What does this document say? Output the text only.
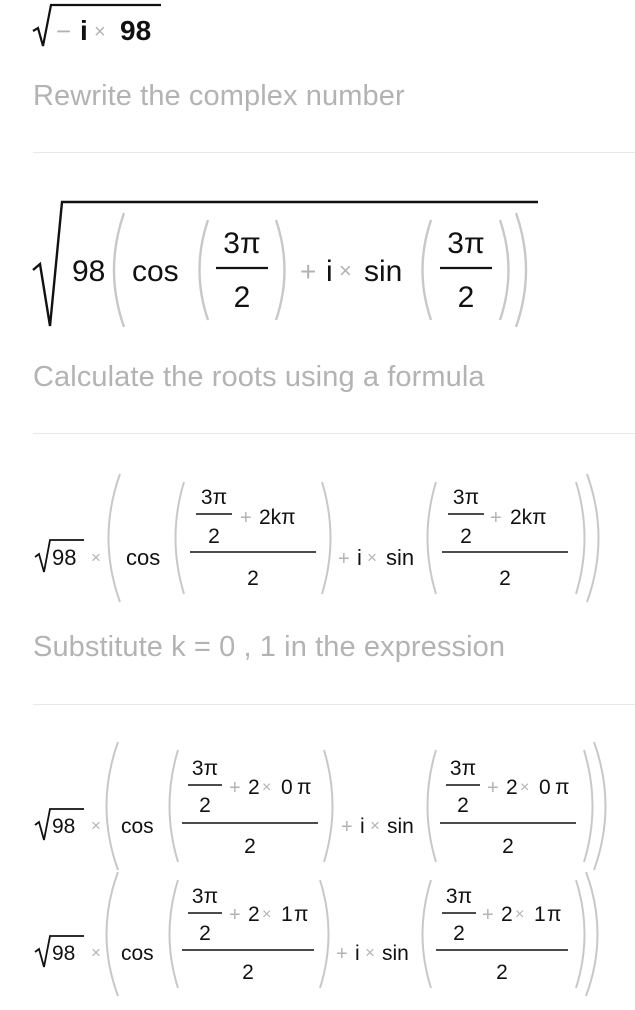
Rewrite the complex number
Calculate the roots using a formula
Substitute k = 0 , 1 in the expression
− i × 98
98 cos
3π
2
+ i × sin
3π
2
98 × cos
3π
2
+ 2kπ
2
+ i × sin
3π
2
+ 2kπ
2
98 × cos
3π
2
+ 2 × 0 π
2
+ i × sin
3π
2
+ 2 × 0 π
2
98 × cos
3π
2
+ 2 × 1 π
2
+ i × sin
3π
2
+ 2 × 1 π
2
